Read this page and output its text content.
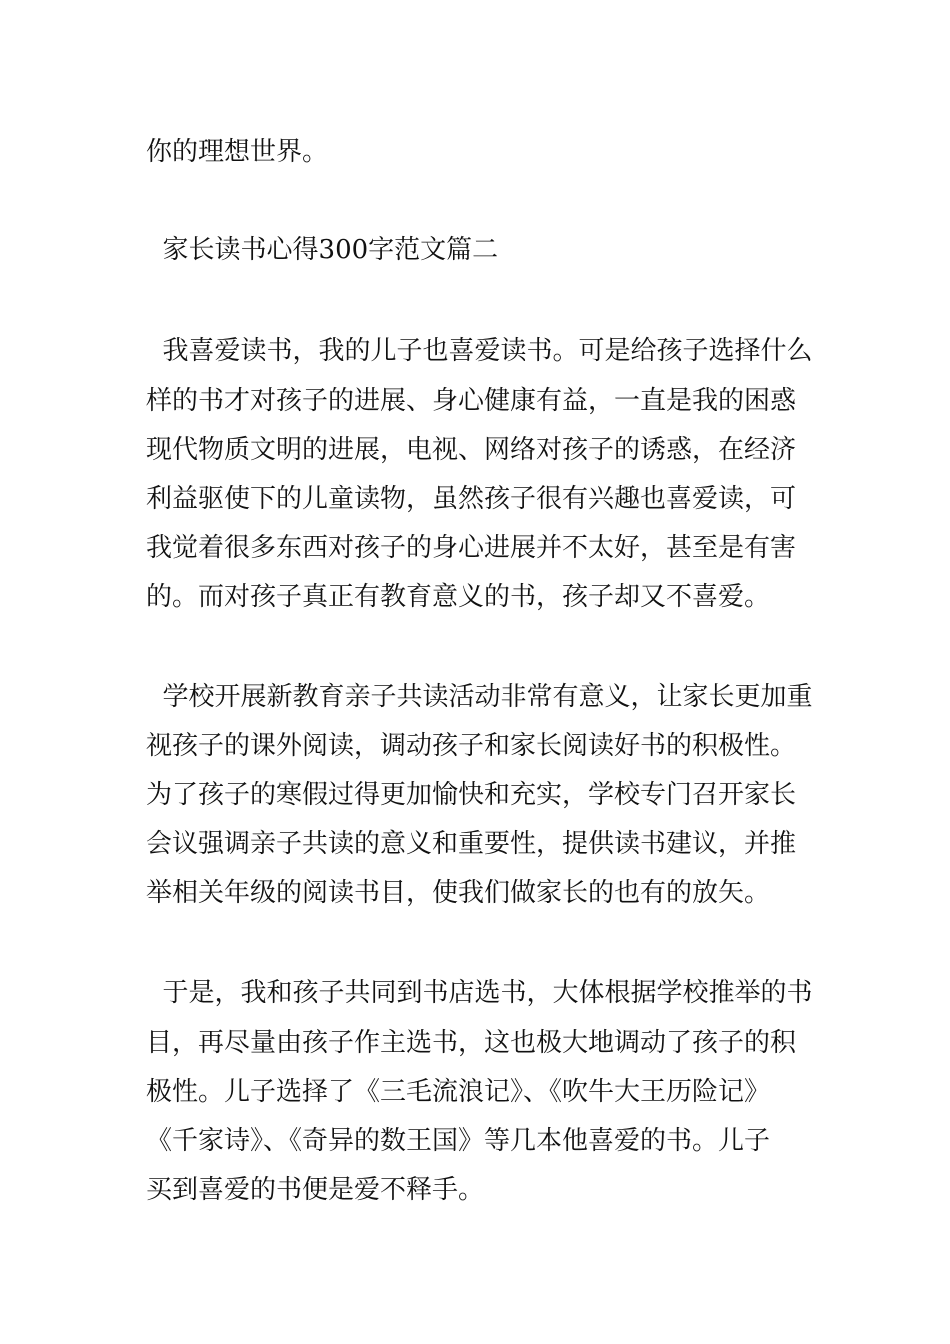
你的理想世界。

家长读书心得300字范文篇二

我喜爱读书，我的儿子也喜爱读书。可是给孩子选择什么

样的书才对孩子的进展、身心健康有益，一直是我的困惑

现代物质文明的进展，电视、网络对孩子的诱惑，在经济

利益驱使下的儿童读物，虽然孩子很有兴趣也喜爱读，可

我觉着很多东西对孩子的身心进展并不太好，甚至是有害

的。而对孩子真正有教育意义的书，孩子却又不喜爱。

学校开展新教育亲子共读活动非常有意义，让家长更加重

视孩子的课外阅读，调动孩子和家长阅读好书的积极性。

为了孩子的寒假过得更加愉快和充实，学校专门召开家长

会议强调亲子共读的意义和重要性，提供读书建议，并推

举相关年级的阅读书目，使我们做家长的也有的放矢。

于是，我和孩子共同到书店选书，大体根据学校推举的书

目，再尽量由孩子作主选书，这也极大地调动了孩子的积

极性。儿子选择了《三毛流浪记》、《吹牛大王历险记》

《千家诗》、《奇异的数王国》等几本他喜爱的书。儿子

买到喜爱的书便是爱不释手。
